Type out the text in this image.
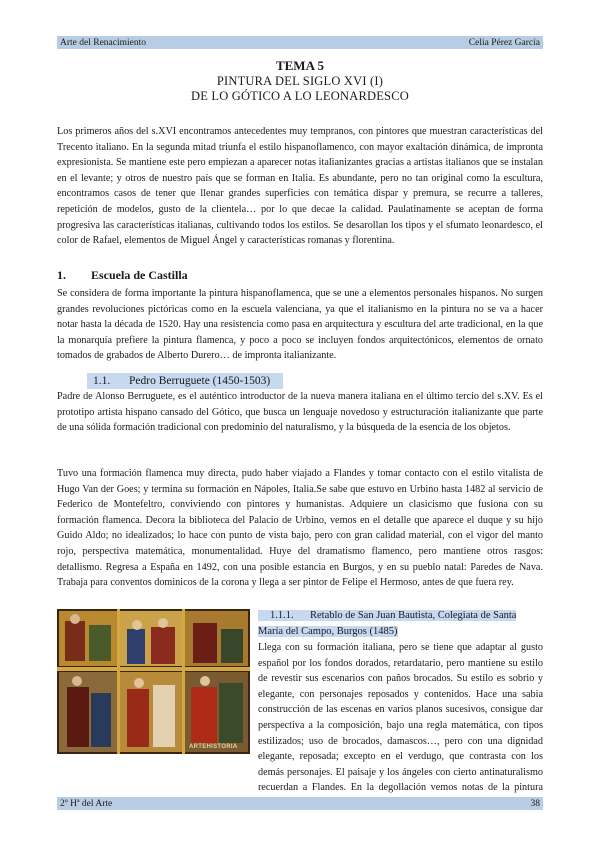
Arte del Renacimiento	Celia Pérez García
TEMA 5
PINTURA DEL SIGLO XVI (I)
DE LO GÓTICO A LO LEONARDESCO

Los primeros años del s.XVI encontramos antecedentes muy tempranos, con pintores que muestran características del Trecento italiano. En la segunda mitad triunfa el estilo hispanoflamenco, con mayor exaltación dinámica, de impronta expresionista. Se mantiene este pero empiezan a aparecer notas italianizantes gracias a artistas italianos que se instalan en el levante; y otros de nuestro país que se forman en Italia. Es abundante, pero no tan original como la escultura, encontramos casos de tener que llenar grandes superficies con temática dispar y premura, se recurre a talleres, repetición de modelos, gusto de la clientela… por lo que decae la calidad. Paulatinamente se aceptan de forma progresiva las características italianas, cultivando todos los estilos. Se desarollan los tipos y el sfumato leonardesco, el color de Rafael, elementos de Miguel Ángel y características romanas y florentina.

1. Escuela de Castilla

Se considera de forma importante la pintura hispanoflamenca, que se une a elementos personales hispanos. No surgen grandes revoluciones pictóricas como en la escuela valenciana, ya que el italianismo en la pintura no se va a hacer notar hasta la década de 1520. Hay una resistencia como pasa en arquitectura y escultura del arte tradicional, en la que la monarquía prefiere la pintura flamenca, y poco a poco se incluyen fondos arquitectónicos, elementos de ornato tomados de grabados de Alberto Durero… de impronta italianizante.

1.1. Pedro Berruguete (1450-1503)

Padre de Alonso Berruguete, es el auténtico introductor de la nueva manera italiana en el último tercio del s.XV. Es el prototipo artista hispano cansado del Gótico, que busca un lenguaje novedoso y estructuración italianizante que parte de una sólida formación tradicional con predominio del naturalismo, y la búsqueda de la esencia de los objetos.

Tuvo una formación flamenca muy directa, pudo haber viajado a Flandes y tomar contacto con el estilo vitalista de Hugo Van der Goes; y termina su formación en Nápoles, Italia.Se sabe que estuvo en Urbino hasta 1482 al servicio de Federico de Montefeltro, conviviendo con pintores y humanistas. Adquiere un clasicismo que fusiona con su formación flamenca. Decora la biblioteca del Palacio de Urbino, vemos en el detalle que aparece el duque y su hijo Guido Aldo; no idealizados; lo hace con punto de vista bajo, pero con gran calidad material, con el vigor del manto rojo, perspectiva matemática, monumentalidad. Huye del dramatismo flamenco, pero mantiene otros rasgos: detallismo. Regresa a España en 1492, con una posible estancia en Burgos, y en su pueblo natal: Paredes de Nava. Trabaja para conventos dominicos de la corona y llega a ser pintor de Felipe el Hermoso, antes de que fuera rey.

ARTEHISTORIA
1.1.1. Retablo de San Juan Bautista, Colegiata de Santa
María del Campo, Burgos (1485)

Llega con su formación italiana, pero se tiene que adaptar al gusto español por los fondos dorados, retardatario, pero mantiene su estilo de revestir sus escenarios con paños brocados. Su estilo es sobrio y elegante, con personajes reposados y contenidos. Hace una sabia construcción de las escenas en varios planos sucesivos, consigue dar perspectiva a la composición, bajo una regla matemática, con tipos estilizados; uso de brocados, damascos…, pero con una dignidad elegante, reposada; excepto en el verdugo, que contrasta con los demás personajes. El paisaje y los ángeles con cierto antinaturalismo recuerdan a Flandes. En la degollación vemos notas de la pintura

2º Hª del Arte	38
